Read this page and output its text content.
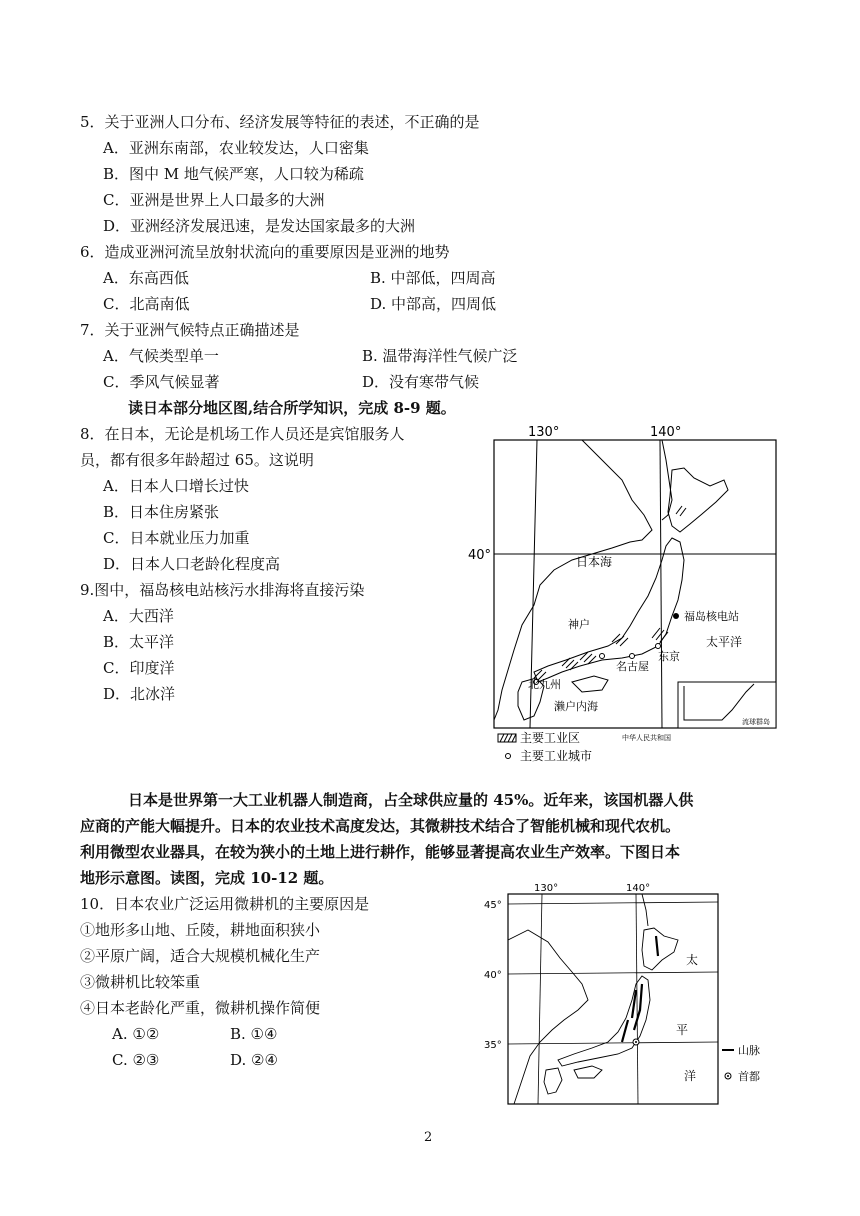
5．关于亚洲人口分布、经济发展等特征的表述，不正确的是
A．亚洲东南部，农业较发达，人口密集
B．图中 M 地气候严寒，人口较为稀疏
C．亚洲是世界上人口最多的大洲
D．亚洲经济发展迅速，是发达国家最多的大洲
6．造成亚洲河流呈放射状流向的重要原因是亚洲的地势
A．东高西低	B. 中部低，四周高
C．北高南低	D. 中部高，四周低
7．关于亚洲气候特点正确描述是
A．气候类型单一	B. 温带海洋性气候广泛
C．季风气候显著	D．没有寒带气候
读日本部分地区图,结合所学知识，完成 8-9 题。
8．在日本，无论是机场工作人员还是宾馆服务人
员，都有很多年龄超过 65。这说明
A．日本人口增长过快
B．日本住房紧张
C．日本就业压力加重
D．日本人口老龄化程度高
9.图中，福岛核电站核污水排海将直接污染
A．大西洋
B．太平洋
C．印度洋
D．北冰洋
130°	140°
40°	日本海
福岛核电站
太平洋
神户
东京
名古屋
北九州
濑户内海
中华人民共和国
流球群岛
主要工业区
主要工业城市
日本是世界第一大工业机器人制造商，占全球供应量的 45%。近年来，该国机器人供
应商的产能大幅提升。日本的农业技术高度发达，其微耕技术结合了智能机械和现代农机。
利用微型农业器具，在较为狭小的土地上进行耕作，能够显著提高农业生产效率。下图日本
地形示意图。读图，完成 10-12 题。
10．日本农业广泛运用微耕机的主要原因是
①地形多山地、丘陵，耕地面积狭小
②平原广阔，适合大规模机械化生产
③微耕机比较笨重
④日本老龄化严重，微耕机操作简便
A. ①②	B. ①④
C. ②③	D. ②④
130°	140°
45°
40°
35°
太
平
洋
山脉
首都
2
